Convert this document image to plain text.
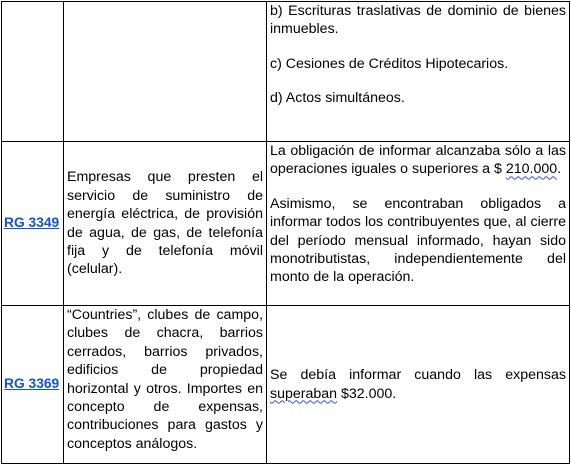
		b) Escrituras traslativas de dominio de bienes inmuebles.

c) Cesiones de Créditos Hipotecarios.

d) Actos simultáneos.

RG 3349	Empresas que presten el servicio de suministro de energía eléctrica, de provisión de agua, de gas, de telefonía fija y de telefonía móvil (celular).	La obligación de informar alcanzaba sólo a las operaciones iguales o superiores a $ 210.000.

Asimismo, se encontraban obligados a informar todos los contribuyentes que, al cierre del período mensual informado, hayan sido monotributistas, independientemente del monto de la operación.

RG 3369	“Countries”, clubes de campo, clubes de chacra, barrios cerrados, barrios privados, edificios de propiedad horizontal y otros. Importes en concepto de expensas, contribuciones para gastos y conceptos análogos.	Se debía informar cuando las expensas superaban $32.000.
